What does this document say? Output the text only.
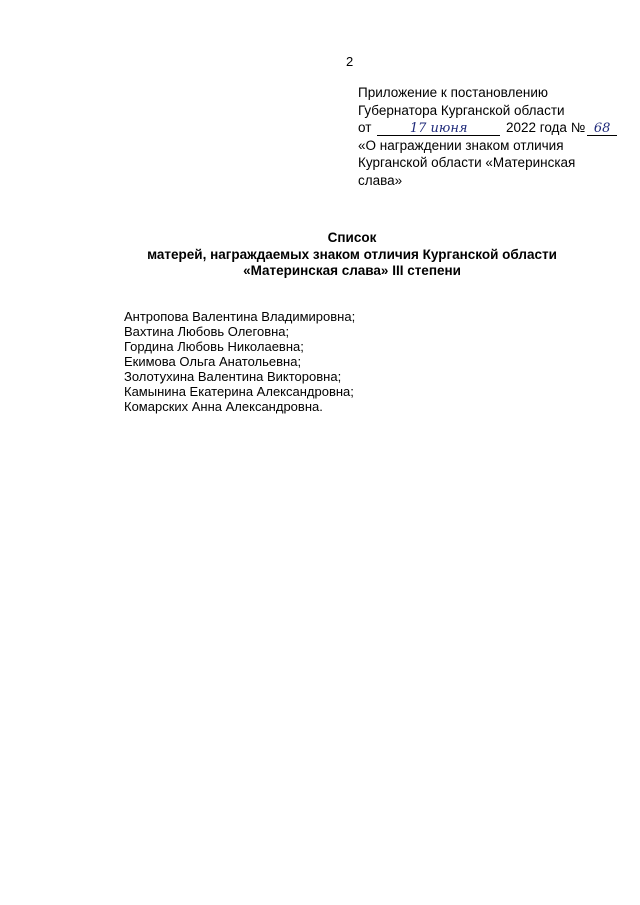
2
Приложение к постановлению
Губернатора Курганской области
от	17 июня	2022 года № 68
«О награждении знаком отличия
Курганской области «Материнская
слава»
Список
матерей, награждаемых знаком отличия Курганской области
«Материнская слава» III степени
Антропова Валентина Владимировна;
Вахтина Любовь Олеговна;
Гордина Любовь Николаевна;
Екимова Ольга Анатольевна;
Золотухина Валентина Викторовна;
Камынина Екатерина Александровна;
Комарских Анна Александровна.
